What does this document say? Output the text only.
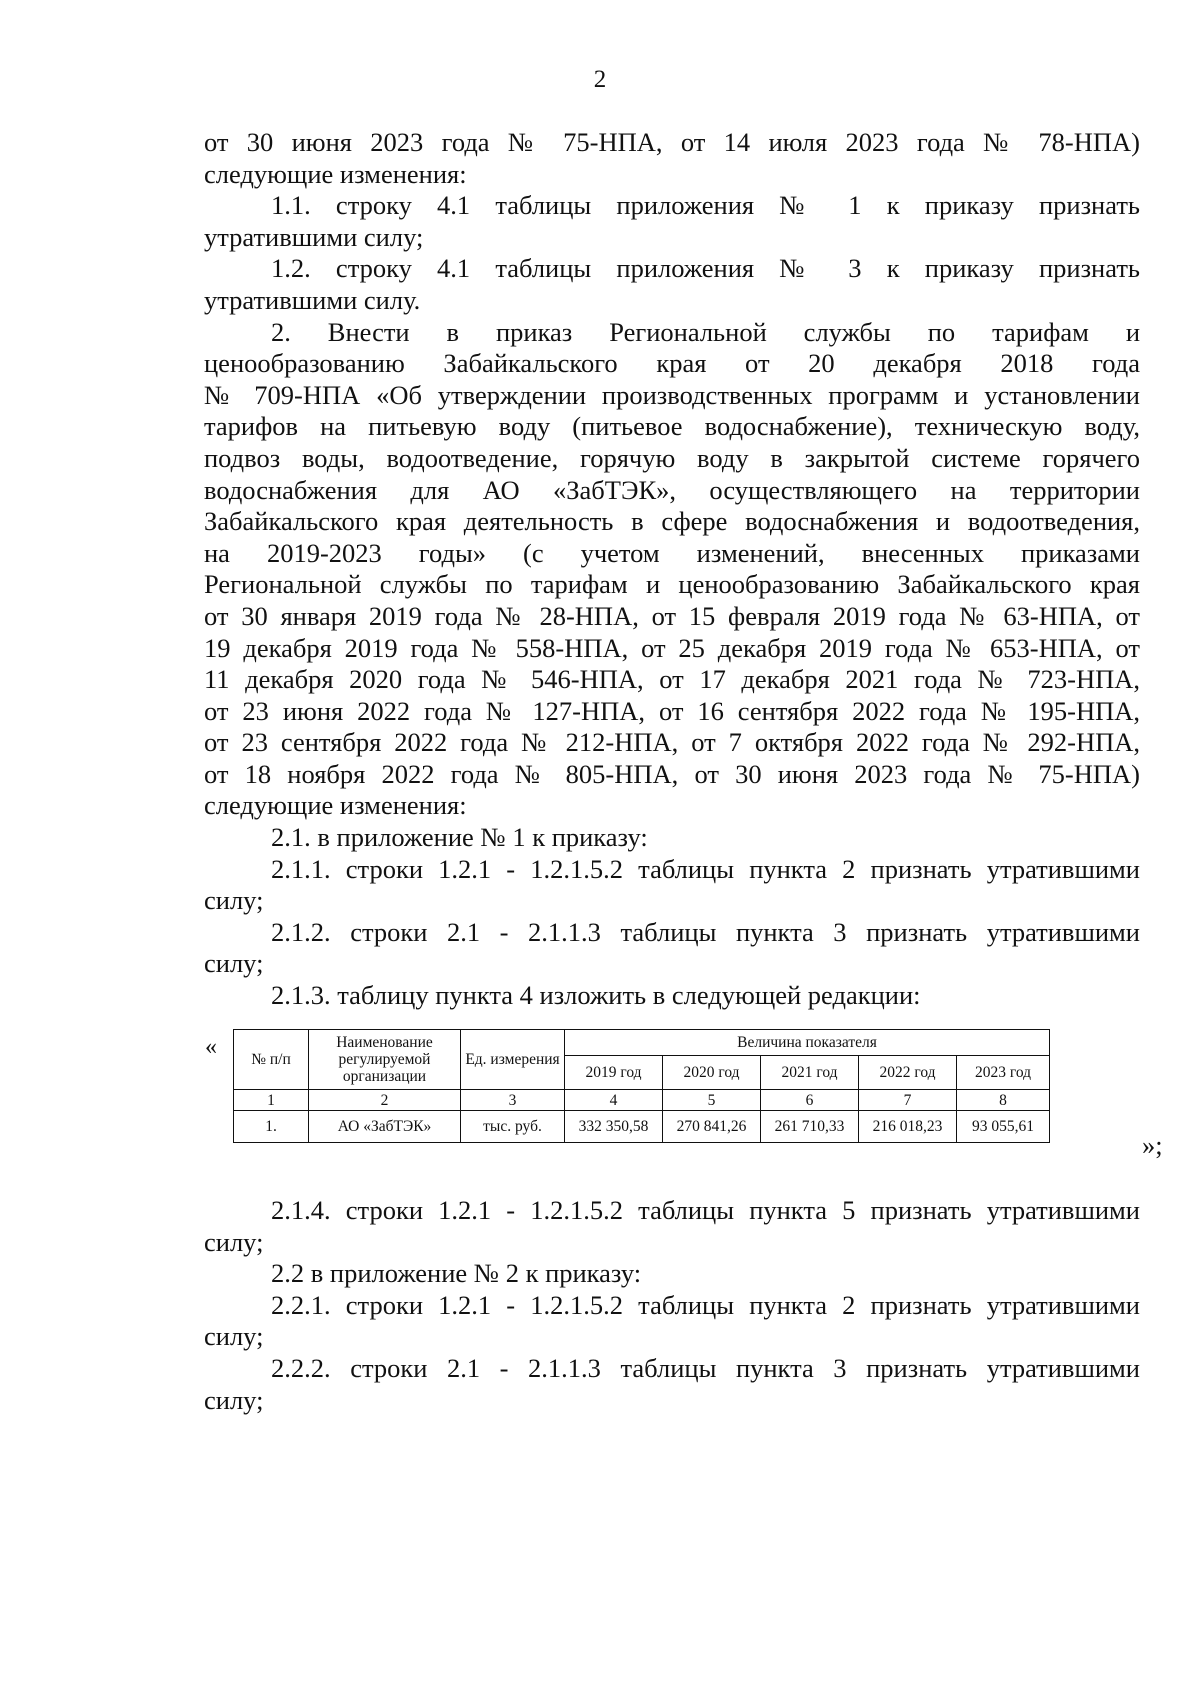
2
от 30 июня 2023 года № 75-НПА, от 14 июля 2023 года № 78-НПА)
следующие изменения:
1.1. строку 4.1 таблицы приложения № 1 к приказу признать
утратившими силу;
1.2. строку 4.1 таблицы приложения № 3 к приказу признать
утратившими силу.
2. Внести в приказ Региональной службы по тарифам и
ценообразованию Забайкальского края от 20 декабря 2018 года
№ 709-НПА «Об утверждении производственных программ и установлении
тарифов на питьевую воду (питьевое водоснабжение), техническую воду,
подвоз воды, водоотведение, горячую воду в закрытой системе горячего
водоснабжения для АО «ЗабТЭК», осуществляющего на территории
Забайкальского края деятельность в сфере водоснабжения и водоотведения,
на 2019-2023 годы» (с учетом изменений, внесенных приказами
Региональной службы по тарифам и ценообразованию Забайкальского края
от 30 января 2019 года № 28-НПА, от 15 февраля 2019 года № 63-НПА, от
19 декабря 2019 года № 558-НПА, от 25 декабря 2019 года № 653-НПА, от
11 декабря 2020 года № 546-НПА, от 17 декабря 2021 года № 723-НПА,
от 23 июня 2022 года № 127-НПА, от 16 сентября 2022 года № 195-НПА,
от 23 сентября 2022 года № 212-НПА, от 7 октября 2022 года № 292-НПА,
от 18 ноября 2022 года № 805-НПА, от 30 июня 2023 года № 75-НПА)
следующие изменения:
2.1. в приложение № 1 к приказу:
2.1.1. строки 1.2.1 - 1.2.1.5.2 таблицы пункта 2 признать утратившими
силу;
2.1.2. строки 2.1 - 2.1.1.3 таблицы пункта 3 признать утратившими
силу;
2.1.3. таблицу пункта 4 изложить в следующей редакции:
« № п/п	Наименование регулируемой организации	Ед. измерения	Величина показателя				
			2019 год	2020 год	2021 год	2022 год	2023 год
1	2	3	4	5	6	7	8
1.	АО «ЗабТЭК»	тыс. руб.	332 350,58	270 841,26	261 710,33	216 018,23	93 055,61
»;
2.1.4. строки 1.2.1 - 1.2.1.5.2 таблицы пункта 5 признать утратившими
силу;
2.2 в приложение № 2 к приказу:
2.2.1. строки 1.2.1 - 1.2.1.5.2 таблицы пункта 2 признать утратившими
силу;
2.2.2. строки 2.1 - 2.1.1.3 таблицы пункта 3 признать утратившими
силу;
